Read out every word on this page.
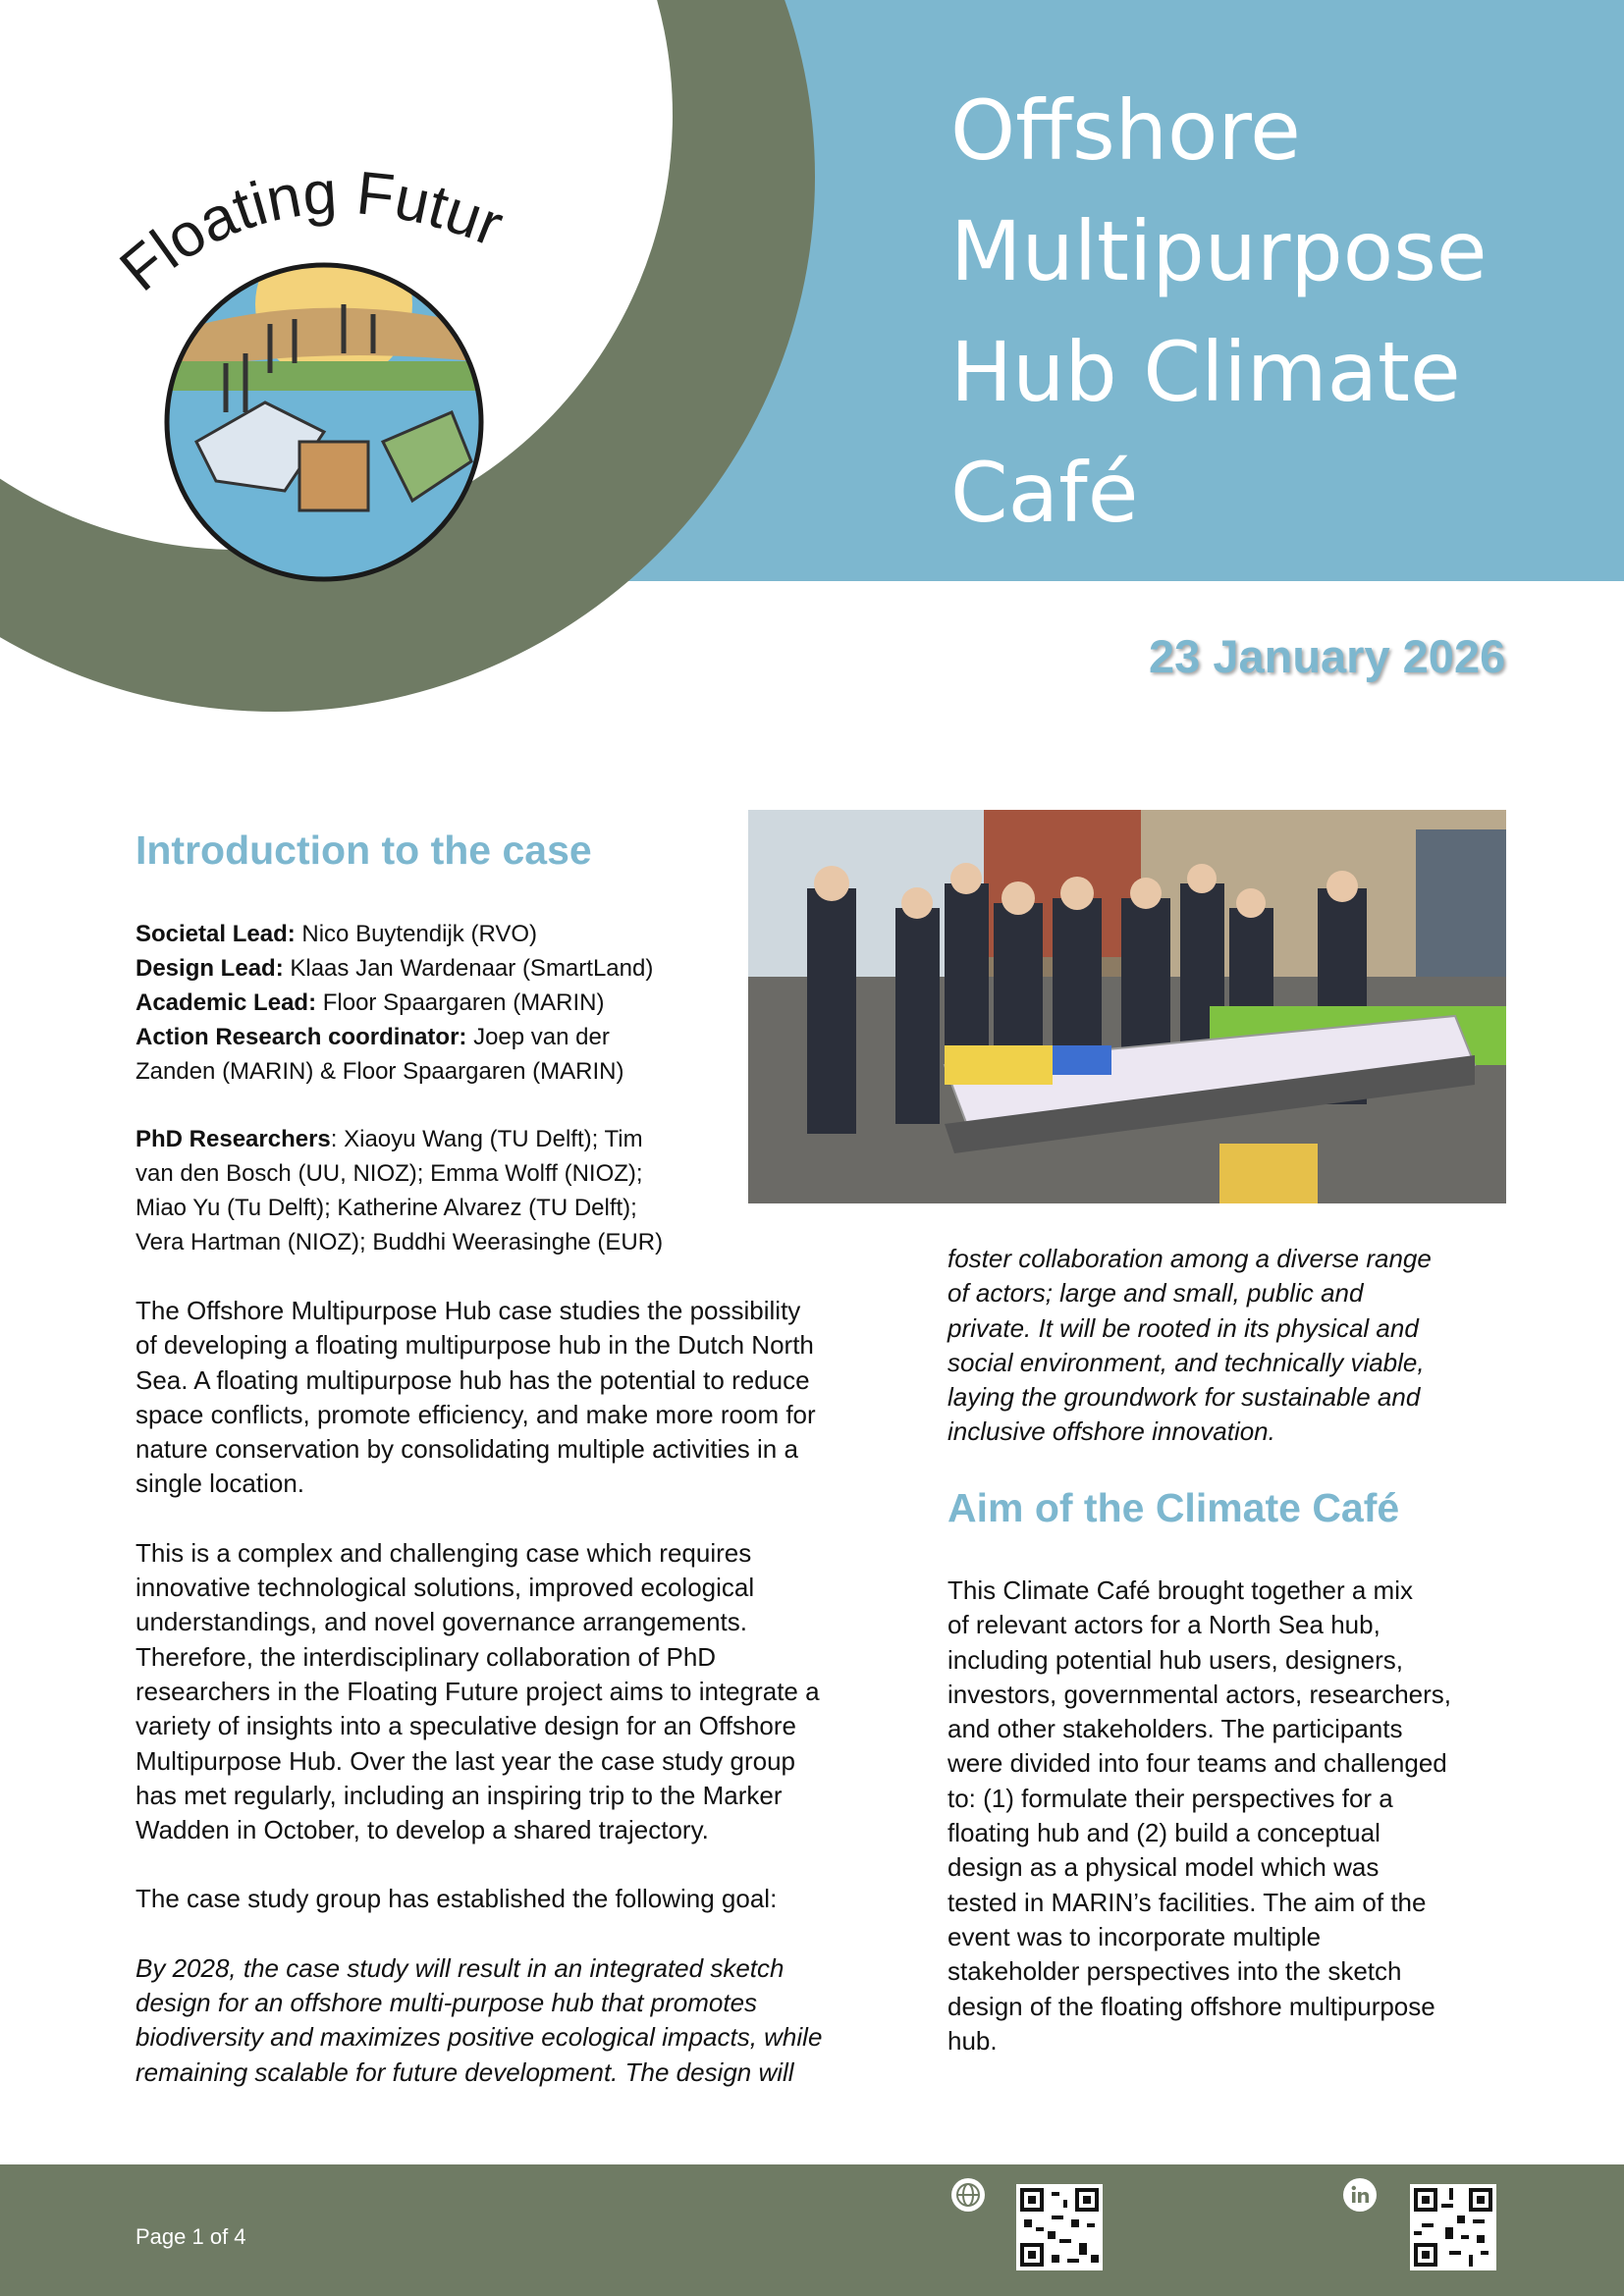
Floating Future	Offshore
Multipurpose
Hub Climate
Café
23 January 2026
Introduction to the case
Societal Lead: Nico Buytendijk (RVO)
Design Lead: Klaas Jan Wardenaar (SmartLand)
Academic Lead: Floor Spaargaren (MARIN)
Action Research coordinator: Joep van der
Zanden (MARIN) & Floor Spaargaren (MARIN)
PhD Researchers: Xiaoyu Wang (TU Delft); Tim
van den Bosch (UU, NIOZ); Emma Wolff (NIOZ);
Miao Yu (Tu Delft); Katherine Alvarez (TU Delft);
Vera Hartman (NIOZ); Buddhi Weerasinghe (EUR)

The Offshore Multipurpose Hub case studies the possibility

of developing a floating multipurpose hub in the Dutch North

Sea. A floating multipurpose hub has the potential to reduce

space conflicts, promote efficiency, and make more room for

nature conservation by consolidating multiple activities in a

single location.

This is a complex and challenging case which requires

innovative technological solutions, improved ecological

understandings, and novel governance arrangements.

Therefore, the interdisciplinary collaboration of PhD

researchers in the Floating Future project aims to integrate a

variety of insights into a speculative design for an Offshore

Multipurpose Hub. Over the last year the case study group

has met regularly, including an inspiring trip to the Marker

Wadden in October, to develop a shared trajectory.

The case study group has established the following goal:

By 2028, the case study will result in an integrated sketch

design for an offshore multi-purpose hub that promotes

biodiversity and maximizes positive ecological impacts, while

remaining scalable for future development. The design will

foster collaboration among a diverse range

of actors; large and small, public and

private. It will be rooted in its physical and

social environment, and technically viable,

laying the groundwork for sustainable and

inclusive offshore innovation.

Aim of the Climate Café

This Climate Café brought together a mix

of relevant actors for a North Sea hub,

including potential hub users, designers,

investors, governmental actors, researchers,

and other stakeholders. The participants

were divided into four teams and challenged

to: (1) formulate their perspectives for a

floating hub and (2) build a conceptual

design as a physical model which was

tested in MARIN’s facilities. The aim of the

event was to incorporate multiple

stakeholder perspectives into the sketch

design of the floating offshore multipurpose

hub.

Page 1 of 4
